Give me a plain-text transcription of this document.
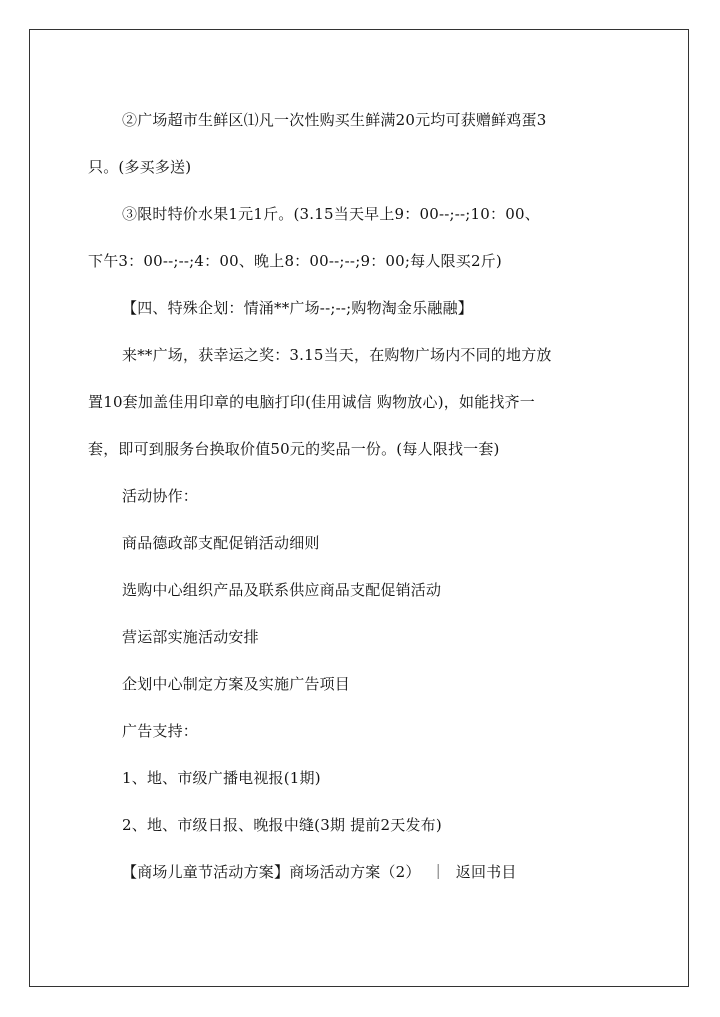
②广场超市生鲜区⑴凡一次性购买生鲜满20元均可获赠鲜鸡蛋3

只。(多买多送)

③限时特价水果1元1斤。(3.15当天早上9：00--;--;10：00、

下午3：00--;--;4：00、晚上8：00--;--;9：00;每人限买2斤)

【四、特殊企划：情涌**广场--;--;购物淘金乐融融】

来**广场，获幸运之奖：3.15当天，在购物广场内不同的地方放

置10套加盖佳用印章的电脑打印(佳用诚信 购物放心)，如能找齐一

套，即可到服务台换取价值50元的奖品一份。(每人限找一套)

活动协作：

商品德政部支配促销活动细则

选购中心组织产品及联系供应商品支配促销活动

营运部实施活动安排

企划中心制定方案及实施广告项目

广告支持：

1、地、市级广播电视报(1期)

2、地、市级日报、晚报中缝(3期 提前2天发布)

【商场儿童节活动方案】商场活动方案（2） ｜ 返回书目
